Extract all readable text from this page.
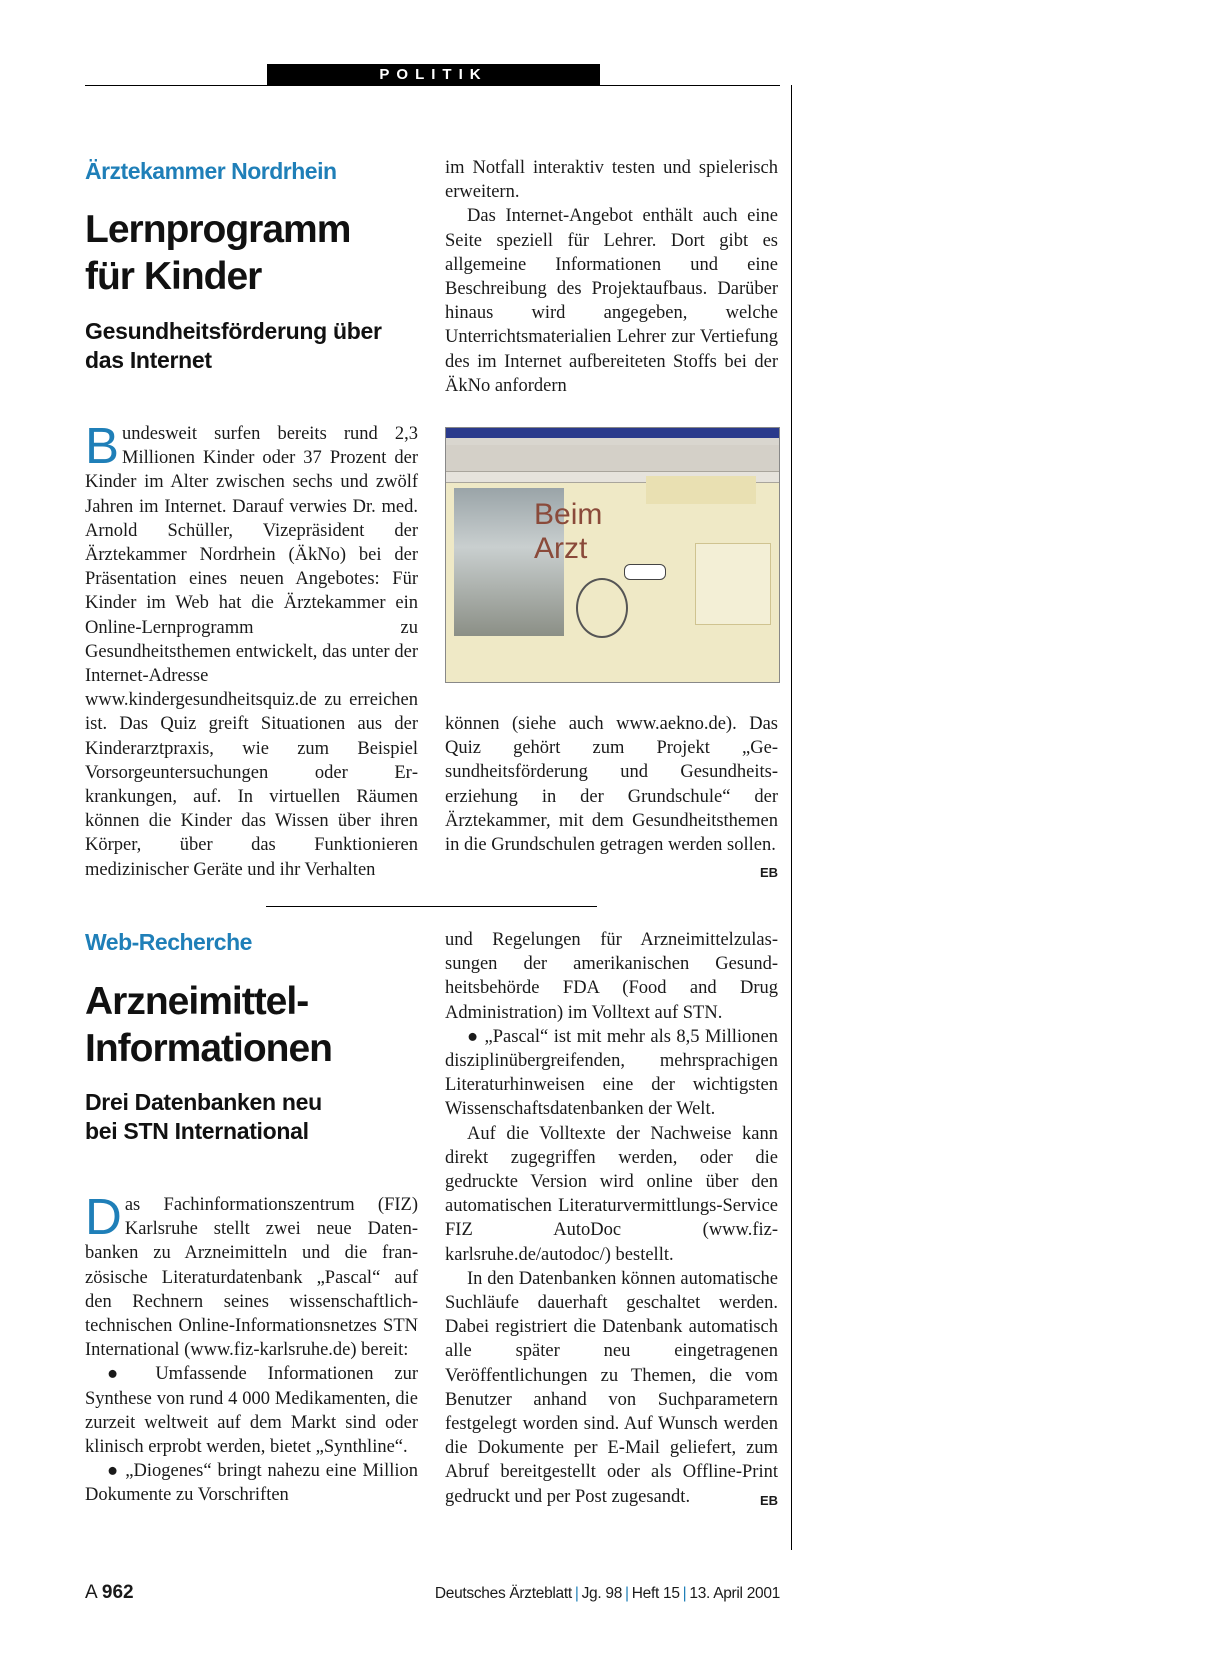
POLITIK
Ärztekammer Nordrhein
Lernprogramm
für Kinder
Gesundheitsförderung über
das Internet

Bundesweit surfen bereits rund 2,3 Millionen Kinder oder 37 Prozent der Kinder im Alter zwischen sechs und zwölf Jahren im Internet. Darauf verwies Dr. med. Arnold Schüller, Vizepräsident der Ärztekammer Nordrhein (ÄkNo) bei der Präsentation eines neuen Angebotes: Für Kinder im Web hat die Ärztekammer ein Online-Lernprogramm zu Gesundheitsthemen entwickelt, das unter der Internet-Adresse www.kindergesundheitsquiz.de zu erreichen ist. Das Quiz greift Situationen aus der Kinderarztpraxis, wie zum Beispiel Vorsorgeuntersuchungen oder Erkrankungen, auf. In virtuellen Räumen können die Kinder das Wissen über ihren Körper, über das Funktionieren medizinischer Geräte und ihr Verhalten

im Notfall interaktiv testen und spielerisch erweitern.

Das Internet-Angebot enthält auch eine Seite speziell für Lehrer. Dort gibt es allgemeine Informationen und eine Beschreibung des Projektaufbaus. Darüber hinaus wird angegeben, welche Unterrichtsmaterialien Lehrer zur Vertiefung des im Internet aufbereiteten Stoffs bei der ÄkNo anfordern

Beim Arzt

können (siehe auch www.aekno.de). Das Quiz gehört zum Projekt „Gesundheitsförderung und Gesundheitserziehung in der Grundschule“ der Ärztekammer, mit dem Gesundheitsthemen in die Grundschulen getragen werden sollen.
EB

Web-Recherche
Arzneimittel-
Informationen
Drei Datenbanken neu
bei STN International

Das Fachinformationszentrum (FIZ) Karlsruhe stellt zwei neue Datenbanken zu Arzneimitteln und die französische Literaturdatenbank „Pascal“ auf den Rechnern seines wissenschaftlich-technischen Online-Informationsnetzes STN International (www.fiz-karlsruhe.de) bereit:

● Umfassende Informationen zur Synthese von rund 4 000 Medikamenten, die zurzeit weltweit auf dem Markt sind oder klinisch erprobt werden, bietet „Synthline“.

● „Diogenes“ bringt nahezu eine Million Dokumente zu Vorschriften

und Regelungen für Arzneimittelzulassungen der amerikanischen Gesundheitsbehörde FDA (Food and Drug Administration) im Volltext auf STN.

● „Pascal“ ist mit mehr als 8,5 Millionen disziplinübergreifenden, mehrsprachigen Literaturhinweisen eine der wichtigsten Wissenschaftsdatenbanken der Welt.

Auf die Volltexte der Nachweise kann direkt zugegriffen werden, oder die gedruckte Version wird online über den automatischen Literaturvermittlungs-Service FIZ AutoDoc (www.fiz-karlsruhe.de/autodoc/) bestellt.

In den Datenbanken können automatische Suchläufe dauerhaft geschaltet werden. Dabei registriert die Datenbank automatisch alle später neu eingetragenen Veröffentlichungen zu Themen, die vom Benutzer anhand von Suchparametern festgelegt worden sind. Auf Wunsch werden die Dokumente per E-Mail geliefert, zum Abruf bereitgestellt oder als Offline-Print gedruckt und per Post zugesandt.	EB

A 962	Deutsches Ärzteblatt | Jg. 98 | Heft 15 | 13. April 2001
